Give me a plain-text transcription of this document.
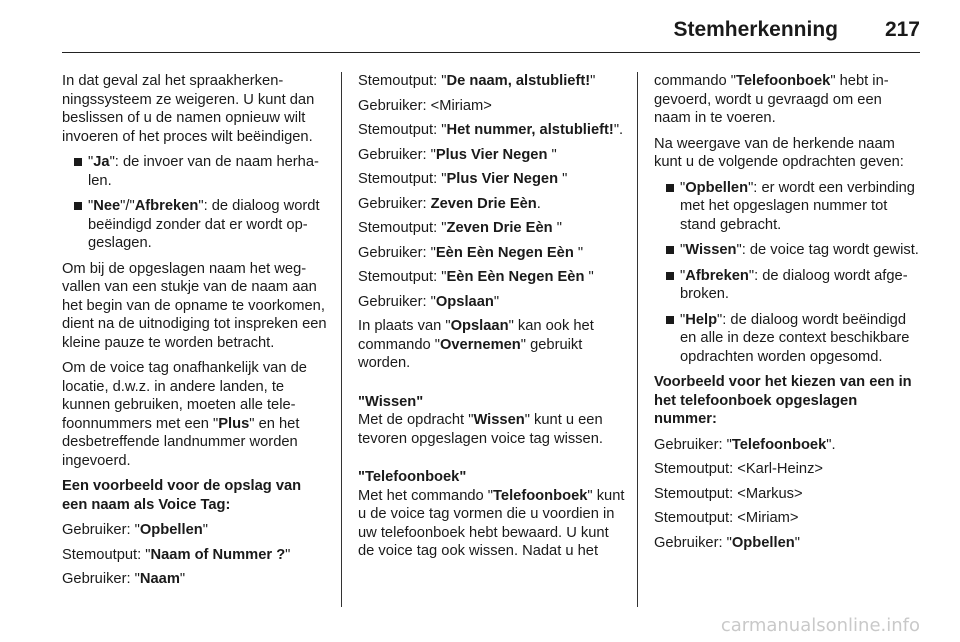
Stemherkenning 217

In dat geval zal het spraakherkenningssysteem ze weigeren. U kunt dan beslissen of u de namen opnieuw wilt invoeren of het proces wilt beëindigen.

"Ja": de invoer van de naam herhalen.
"Nee"/"Afbreken": de dialoog wordt beëindigd zonder dat er wordt opgeslagen.

Om bij de opgeslagen naam het wegvallen van een stukje van de naam aan het begin van de opname te voorkomen, dient na de uitnodiging tot inspreken een kleine pauze te worden betracht.

Om de voice tag onafhankelijk van de locatie, d.w.z. in andere landen, te kunnen gebruiken, moeten alle telefoonnummers met een "Plus" en het desbetreffende landnummer worden ingevoerd.

Een voorbeeld voor de opslag van een naam als Voice Tag:

Gebruiker: "Opbellen"

Stemoutput: "Naam of Nummer ?"

Gebruiker: "Naam"

Stemoutput: "De naam, alstublieft!"

Gebruiker: <Miriam>

Stemoutput: "Het nummer, alstublieft!".

Gebruiker: "Plus Vier Negen "

Stemoutput: "Plus Vier Negen "

Gebruiker: Zeven Drie Eèn.

Stemoutput: "Zeven Drie Eèn "

Gebruiker: "Eèn Eèn Negen Eèn "

Stemoutput: "Eèn Eèn Negen Eèn "

Gebruiker: "Opslaan"

In plaats van "Opslaan" kan ook het commando "Overnemen" gebruikt worden.

"Wissen"

Met de opdracht "Wissen" kunt u een tevoren opgeslagen voice tag wissen.

"Telefoonboek"

Met het commando "Telefoonboek" kunt u de voice tag vormen die u voordien in uw telefoonboek hebt bewaard. U kunt de voice tag ook wissen. Nadat u het

commando "Telefoonboek" hebt ingevoerd, wordt u gevraagd om een naam in te voeren.

Na weergave van de herkende naam kunt u de volgende opdrachten geven:

"Opbellen": er wordt een verbinding met het opgeslagen nummer tot stand gebracht.
"Wissen": de voice tag wordt gewist.
"Afbreken": de dialoog wordt afgebroken.
"Help": de dialoog wordt beëindigd en alle in deze context beschikbare opdrachten worden opgesomd.

Voorbeeld voor het kiezen van een in het telefoonboek opgeslagen nummer:

Gebruiker: "Telefoonboek".

Stemoutput: <Karl-Heinz>

Stemoutput: <Markus>

Stemoutput: <Miriam>

Gebruiker: "Opbellen"

carmanualsonline.info
